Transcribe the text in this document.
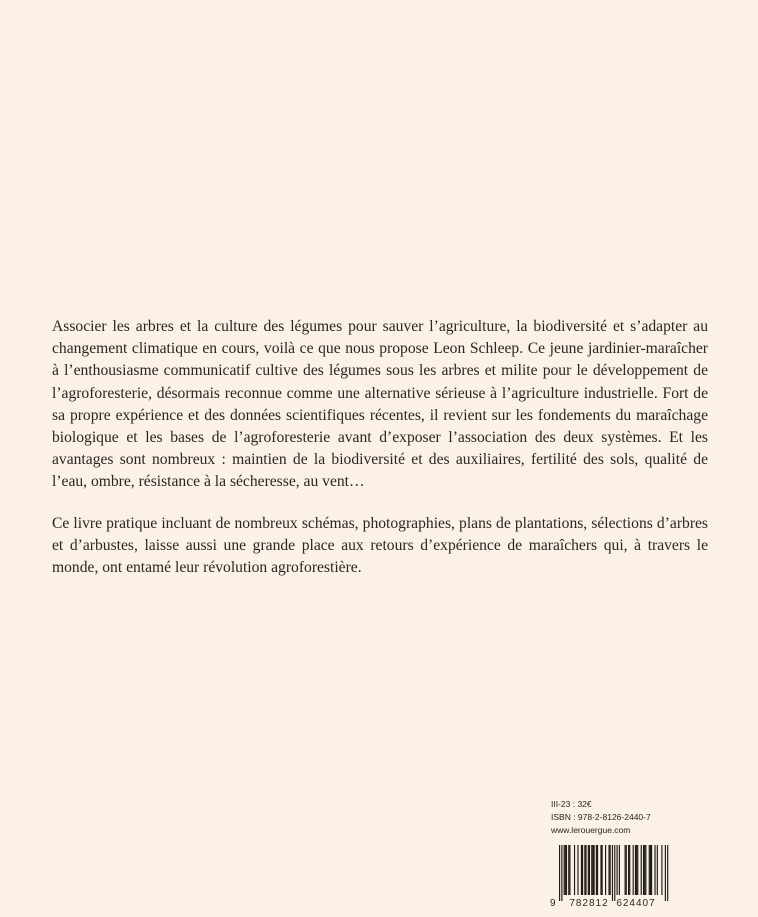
Associer les arbres et la culture des légumes pour sauver l’agriculture, la biodiversité et s’adapter au changement climatique en cours, voilà ce que nous propose Leon Schleep. Ce jeune jardinier-maraîcher à l’enthousiasme communicatif cultive des légumes sous les arbres et milite pour le développement de l’agroforesterie, désormais reconnue comme une alternative sérieuse à l’agriculture industrielle. Fort de sa propre expérience et des données scientifiques récentes, il revient sur les fondements du maraîchage biologique et les bases de l’agroforesterie avant d’exposer l’association des deux systèmes. Et les avantages sont nombreux : maintien de la biodiversité et des auxiliaires, fertilité des sols, qualité de l’eau, ombre, résistance à la sécheresse, au vent…

Ce livre pratique incluant de nombreux schémas, photographies, plans de plantations, sélections d’arbres et d’arbustes, laisse aussi une grande place aux retours d’expérience de maraîchers qui, à travers le monde, ont entamé leur révolution agroforestière.

III-23 : 32€
ISBN : 978-2-8126-2440-7
www.lerouergue.com
9 782812 624407
